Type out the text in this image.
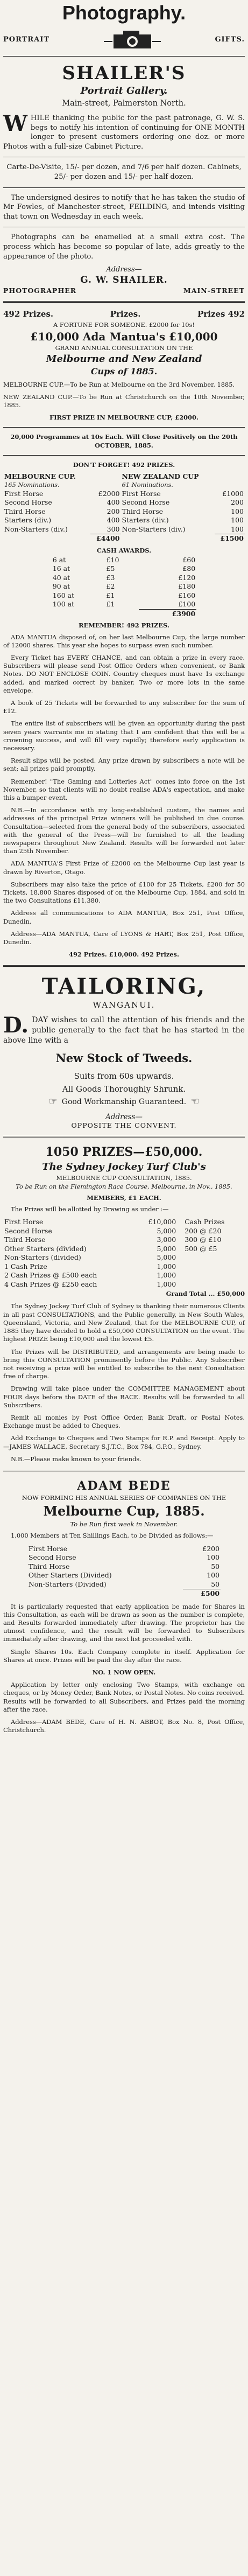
Photography.
PORTRAIT	GIFTS.
SHAILER'S
Portrait Gallery.
Main-street, Palmerston North.

WHILE thanking the public for the past patronage, G. W. S. begs to notify his intention of continuing for ONE MONTH longer to present customers ordering one doz. or more Photos with a full-size Cabinet Picture.

Carte-De-Visite, 15/- per dozen, and 7/6 per half dozen. Cabinets, 25/- per dozen and 15/- per half dozen.

The undersigned desires to notify that he has taken the studio of Mr Fowles, of Manchester-street, FEILDING, and intends visiting that town on Wednesday in each week.

Photographs can be enamelled at a small extra cost. The process which has become so popular of late, adds greatly to the appearance of the photo.

Address—
G. W. SHAILER.
PHOTOGRAPHER	MAIN-STREET
492 Prizes.	Prizes.	Prizes 492
A FORTUNE FOR SOMEONE. £2000 for 10s!
£10,000 Ada Mantua's £10,000
GRAND ANNUAL CONSULTATION ON THE
Melbourne and New Zealand
Cups of 1885.

MELBOURNE CUP.—To be Run at Melbourne on the 3rd November, 1885.

NEW ZEALAND CUP.—To be Run at Christchurch on the 10th November, 1885.

FIRST PRIZE IN MELBOURNE CUP, £2000.
20,000 Programmes at 10s Each. Will Close Positively on the 20th OCTOBER, 1885.
DON'T FORGET! 492 PRIZES.
MELBOURNE CUP.		NEW ZEALAND CUP	
165 Nominations.		61 Nominations.	
First Horse	£2000	First Horse	£1000
Second Horse	400	Second Horse	200
Third Horse	200	Third Horse	100
Starters (div.)	400	Starters (div.)	100
Non-Starters (div.)	300	Non-Starters (div.)	100
	£4400		£1500
CASH AWARDS.
6 at	£10	£60
16 at	£5	£80
40 at	£3	£120
90 at	£2	£180
160 at	£1	£160
100 at	£1	£100
		£3900
REMEMBER! 492 PRIZES.

ADA MANTUA disposed of, on her last Melbourne Cup, the large number of 12000 shares. This year she hopes to surpass even such number.

Every Ticket has EVERY CHANCE, and can obtain a prize in every race. Subscribers will please send Post Office Orders when convenient, or Bank Notes. DO NOT ENCLOSE COIN. Country cheques must have 1s exchange added, and marked correct by banker. Two or more lots in the same envelope.

A book of 25 Tickets will be forwarded to any subscriber for the sum of £12.

The entire list of subscribers will be given an opportunity during the past seven years warrants me in stating that I am confident that this will be a crowning success, and will fill very rapidly; therefore early application is necessary.

Result slips will be posted. Any prize drawn by subscribers a note will be sent; all prizes paid promptly.

Remember! "The Gaming and Lotteries Act" comes into force on the 1st November, so that clients will no doubt realise ADA's expectation, and make this a bumper event.

N.B.—In accordance with my long-established custom, the names and addresses of the principal Prize winners will be published in due course. Consultation—selected from the general body of the subscribers, associated with the general of the Press—will be furnished to all the leading newspapers throughout New Zealand. Results will be forwarded not later than 25th November.

ADA MANTUA'S First Prize of £2000 on the Melbourne Cup last year is drawn by Riverton, Otago.

Subscribers may also take the price of £100 for 25 Tickets, £200 for 50 Tickets, 18,800 Shares disposed of on the Melbourne Cup, 1884, and sold in the two Consultations £11,380.

Address all communications to ADA MANTUA, Box 251, Post Office, Dunedin.

Address—ADA MANTUA, Care of LYONS & HART, Box 251, Post Office, Dunedin.

492 Prizes. £10,000. 492 Prizes.
TAILORING,
WANGANUI.

D.DAY wishes to call the attention of his friends and the public generally to the fact that he has started in the above line with a

New Stock of Tweeds.
Suits from 60s upwards.
All Goods Thoroughly Shrunk.
☞ Good Workmanship Guaranteed. ☜
Address—
OPPOSITE THE CONVENT.
1050 PRIZES—£50,000.
The Sydney Jockey Turf Club's
MELBOURNE CUP CONSULTATION, 1885.
To be Run on the Flemington Race Course, Melbourne, in Nov., 1885.
MEMBERS, £1 EACH.

The Prizes will be allotted by Drawing as under :—

First Horse	£10,000	Cash Prizes
Second Horse	5,000	200 @ £20
Third Horse	3,000	300 @ £10
Other Starters (divided)	5,000	500 @ £5
Non-Starters (divided)	5,000	
1 Cash Prize	1,000	
2 Cash Prizes @ £500 each	1,000	
4 Cash Prizes @ £250 each	1,000	
Grand Total ... £50,000

The Sydney Jockey Turf Club of Sydney is thanking their numerous Clients in all past CONSULTATIONS, and the Public generally, in New South Wales, Queensland, Victoria, and New Zealand, that for the MELBOURNE CUP, of 1885 they have decided to hold a £50,000 CONSULTATION on the event. The highest PRIZE being £10,000 and the lowest £5.

The Prizes will be DISTRIBUTED, and arrangements are being made to bring this CONSULTATION prominently before the Public. Any Subscriber not receiving a prize will be entitled to subscribe to the next Consultation free of charge.

Drawing will take place under the COMMITTEE MANAGEMENT about FOUR days before the DATE of the RACE. Results will be forwarded to all Subscribers.

Remit all monies by Post Office Order, Bank Draft, or Postal Notes. Exchange must be added to Cheques.

Add Exchange to Cheques and Two Stamps for R.P. and Receipt. Apply to—JAMES WALLACE, Secretary S.J.T.C., Box 784, G.P.O., Sydney.

N.B.—Please make known to your friends.

ADAM BEDE
NOW FORMING HIS ANNUAL SERIES OF COMPANIES ON THE
Melbourne Cup, 1885.
To be Run first week in November.

1,000 Members at Ten Shillings Each, to be Divided as follows:—

First Horse	£200
Second Horse	100
Third Horse	50
Other Starters (Divided)	100
Non-Starters (Divided)	50
	£500

It is particularly requested that early application be made for Shares in this Consultation, as each will be drawn as soon as the number is complete, and Results forwarded immediately after drawing. The proprietor has the utmost confidence, and the result will be forwarded to Subscribers immediately after drawing, and the next list proceeded with.

Single Shares 10s. Each Company complete in itself. Application for Shares at once. Prizes will be paid the day after the race.

NO. 1 NOW OPEN.

Application by letter only enclosing Two Stamps, with exchange on cheques, or by Money Order, Bank Notes, or Postal Notes. No coins received. Results will be forwarded to all Subscribers, and Prizes paid the morning after the race.

Address—ADAM BEDE, Care of H. N. ABBOT, Box No. 8, Post Office, Christchurch.
